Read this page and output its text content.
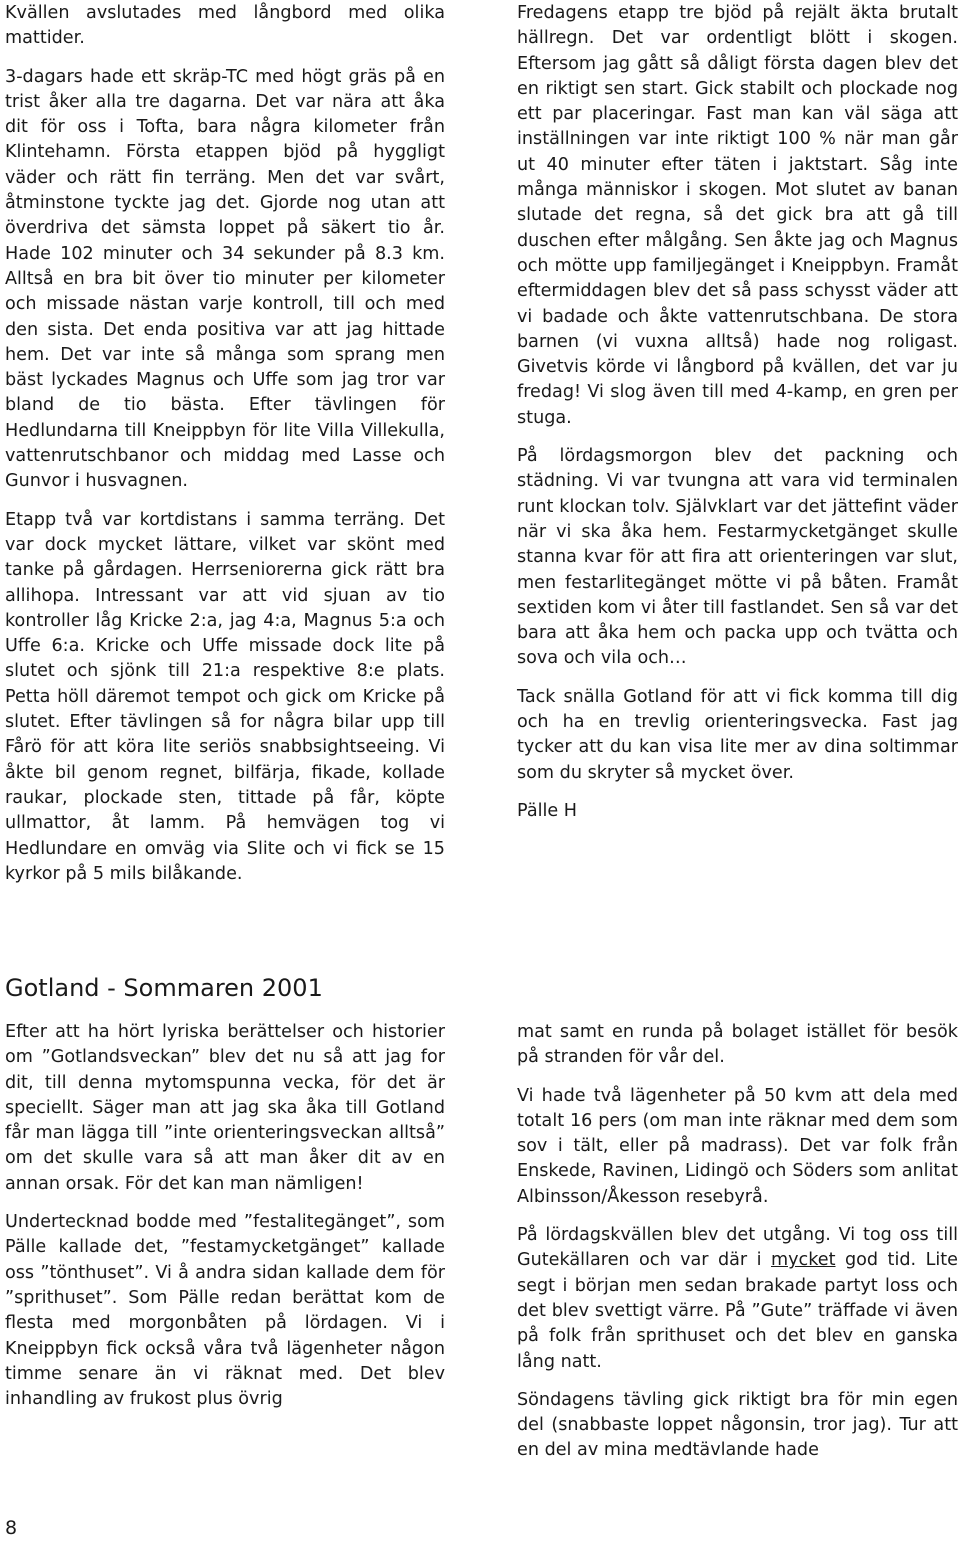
Kvällen avslutades med långbord med olika mattider.

3-dagars hade ett skräp-TC med högt gräs på en trist åker alla tre dagarna. Det var nära att åka dit för oss i Tofta, bara några kilometer från Klintehamn. Första etappen bjöd på hyggligt väder och rätt fin terräng. Men det var svårt, åtminstone tyckte jag det. Gjorde nog utan att överdriva det sämsta loppet på säkert tio år. Hade 102 minuter och 34 sekunder på 8.3 km. Alltså en bra bit över tio minuter per kilometer och missade nästan varje kontroll, till och med den sista. Det enda positiva var att jag hittade hem. Det var inte så många som sprang men bäst lyckades Magnus och Uffe som jag tror var bland de tio bästa. Efter tävlingen för Hedlundarna till Kneippbyn för lite Villa Villekulla, vattenrutschbanor och middag med Lasse och Gunvor i husvagnen.

Etapp två var kortdistans i samma terräng. Det var dock mycket lättare, vilket var skönt med tanke på gårdagen. Herrseniorerna gick rätt bra allihopa. Intressant var att vid sjuan av tio kontroller låg Kricke 2:a, jag 4:a, Magnus 5:a och Uffe 6:a. Kricke och Uffe missade dock lite på slutet och sjönk till 21:a respektive 8:e plats. Petta höll däremot tempot och gick om Kricke på slutet. Efter tävlingen så for några bilar upp till Fårö för att köra lite seriös snabbsightseeing. Vi åkte bil genom regnet, bilfärja, fikade, kollade raukar, plockade sten, tittade på får, köpte ullmattor, åt lamm. På hemvägen tog vi Hedlundare en omväg via Slite och vi fick se 15 kyrkor på 5 mils bilåkande.

Fredagens etapp tre bjöd på rejält äkta brutalt hällregn. Det var ordentligt blött i skogen. Eftersom jag gått så dåligt första dagen blev det en riktigt sen start. Gick stabilt och plockade nog ett par placeringar. Fast man kan väl säga att inställningen var inte riktigt 100 % när man går ut 40 minuter efter täten i jaktstart. Såg inte många människor i skogen. Mot slutet av banan slutade det regna, så det gick bra att gå till duschen efter målgång. Sen åkte jag och Magnus och mötte upp familjegänget i Kneippbyn. Framåt eftermiddagen blev det så pass schysst väder att vi badade och åkte vattenrutschbana. De stora barnen (vi vuxna alltså) hade nog roligast. Givetvis körde vi långbord på kvällen, det var ju fredag! Vi slog även till med 4-kamp, en gren per stuga.

På lördagsmorgon blev det packning och städning. Vi var tvungna att vara vid terminalen runt klockan tolv. Självklart var det jättefint väder när vi ska åka hem. Festarmycketgänget skulle stanna kvar för att fira att orienteringen var slut, men festarlitegänget mötte vi på båten. Framåt sextiden kom vi åter till fastlandet. Sen så var det bara att åka hem och packa upp och tvätta och sova och vila och…

Tack snälla Gotland för att vi fick komma till dig och ha en trevlig orienteringsvecka. Fast jag tycker att du kan visa lite mer av dina soltimmar som du skryter så mycket över.

Pälle H

Gotland - Sommaren 2001

Efter att ha hört lyriska berättelser och historier om ”Gotlandsveckan” blev det nu så att jag for dit, till denna mytomspunna vecka, för det är speciellt. Säger man att jag ska åka till Gotland får man lägga till ”inte orienteringsveckan alltså” om det skulle vara så att man åker dit av en annan orsak. För det kan man nämligen!

Undertecknad bodde med ”festalitegänget”, som Pälle kallade det, ”festamycketgänget” kallade oss ”tönthuset”. Vi å andra sidan kallade dem för ”sprithuset”. Som Pälle redan berättat kom de flesta med morgonbåten på lördagen. Vi i Kneippbyn fick också våra två lägenheter någon timme senare än vi räknat med. Det blev inhandling av frukost plus övrig

mat samt en runda på bolaget istället för besök på stranden för vår del.

Vi hade två lägenheter på 50 kvm att dela med totalt 16 pers (om man inte räknar med dem som sov i tält, eller på madrass). Det var folk från Enskede, Ravinen, Lidingö och Söders som anlitat Albinsson/Åkesson resebyrå.

På lördagskvällen blev det utgång. Vi tog oss till Gutekällaren och var där i mycket god tid. Lite segt i början men sedan brakade partyt loss och det blev svettigt värre. På ”Gute” träffade vi även på folk från sprithuset och det blev en ganska lång natt.

Söndagens tävling gick riktigt bra för min egen del (snabbaste loppet någonsin, tror jag). Tur att en del av mina medtävlande hade

8
